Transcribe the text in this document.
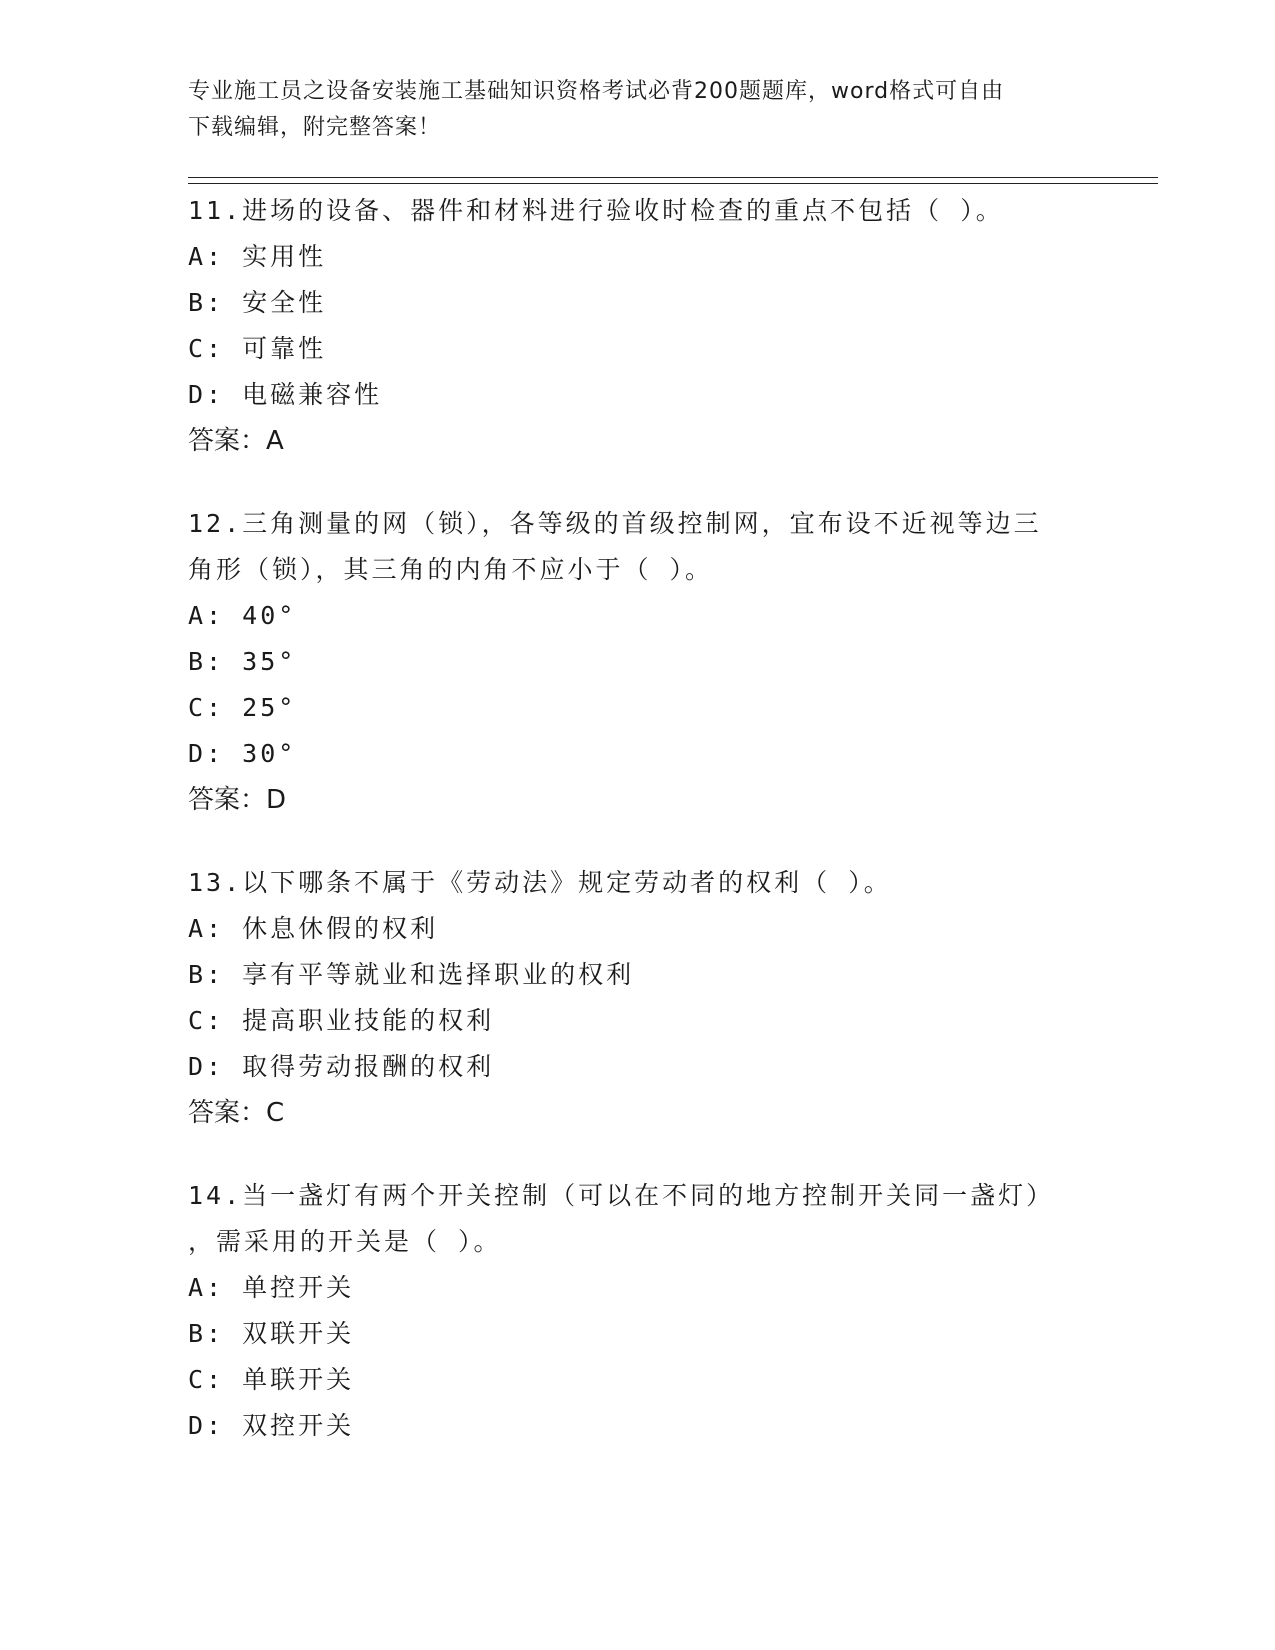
专业施工员之设备安装施工基础知识资格考试必背200题题库，word格式可自由
下载编辑，附完整答案！

11.进场的设备、器件和材料进行验收时检查的重点不包括（ ）。

A: 实用性

B: 安全性

C: 可靠性

D: 电磁兼容性

答案：A

12.三角测量的网（锁），各等级的首级控制网，宜布设不近视等边三

角形（锁），其三角的内角不应小于（ ）。

A: 40°

B: 35°

C: 25°

D: 30°

答案：D

13.以下哪条不属于《劳动法》规定劳动者的权利（ ）。

A: 休息休假的权利

B: 享有平等就业和选择职业的权利

C: 提高职业技能的权利

D: 取得劳动报酬的权利

答案：C

14.当一盏灯有两个开关控制（可以在不同的地方控制开关同一盏灯）

，需采用的开关是（ ）。

A: 单控开关

B: 双联开关

C: 单联开关

D: 双控开关
